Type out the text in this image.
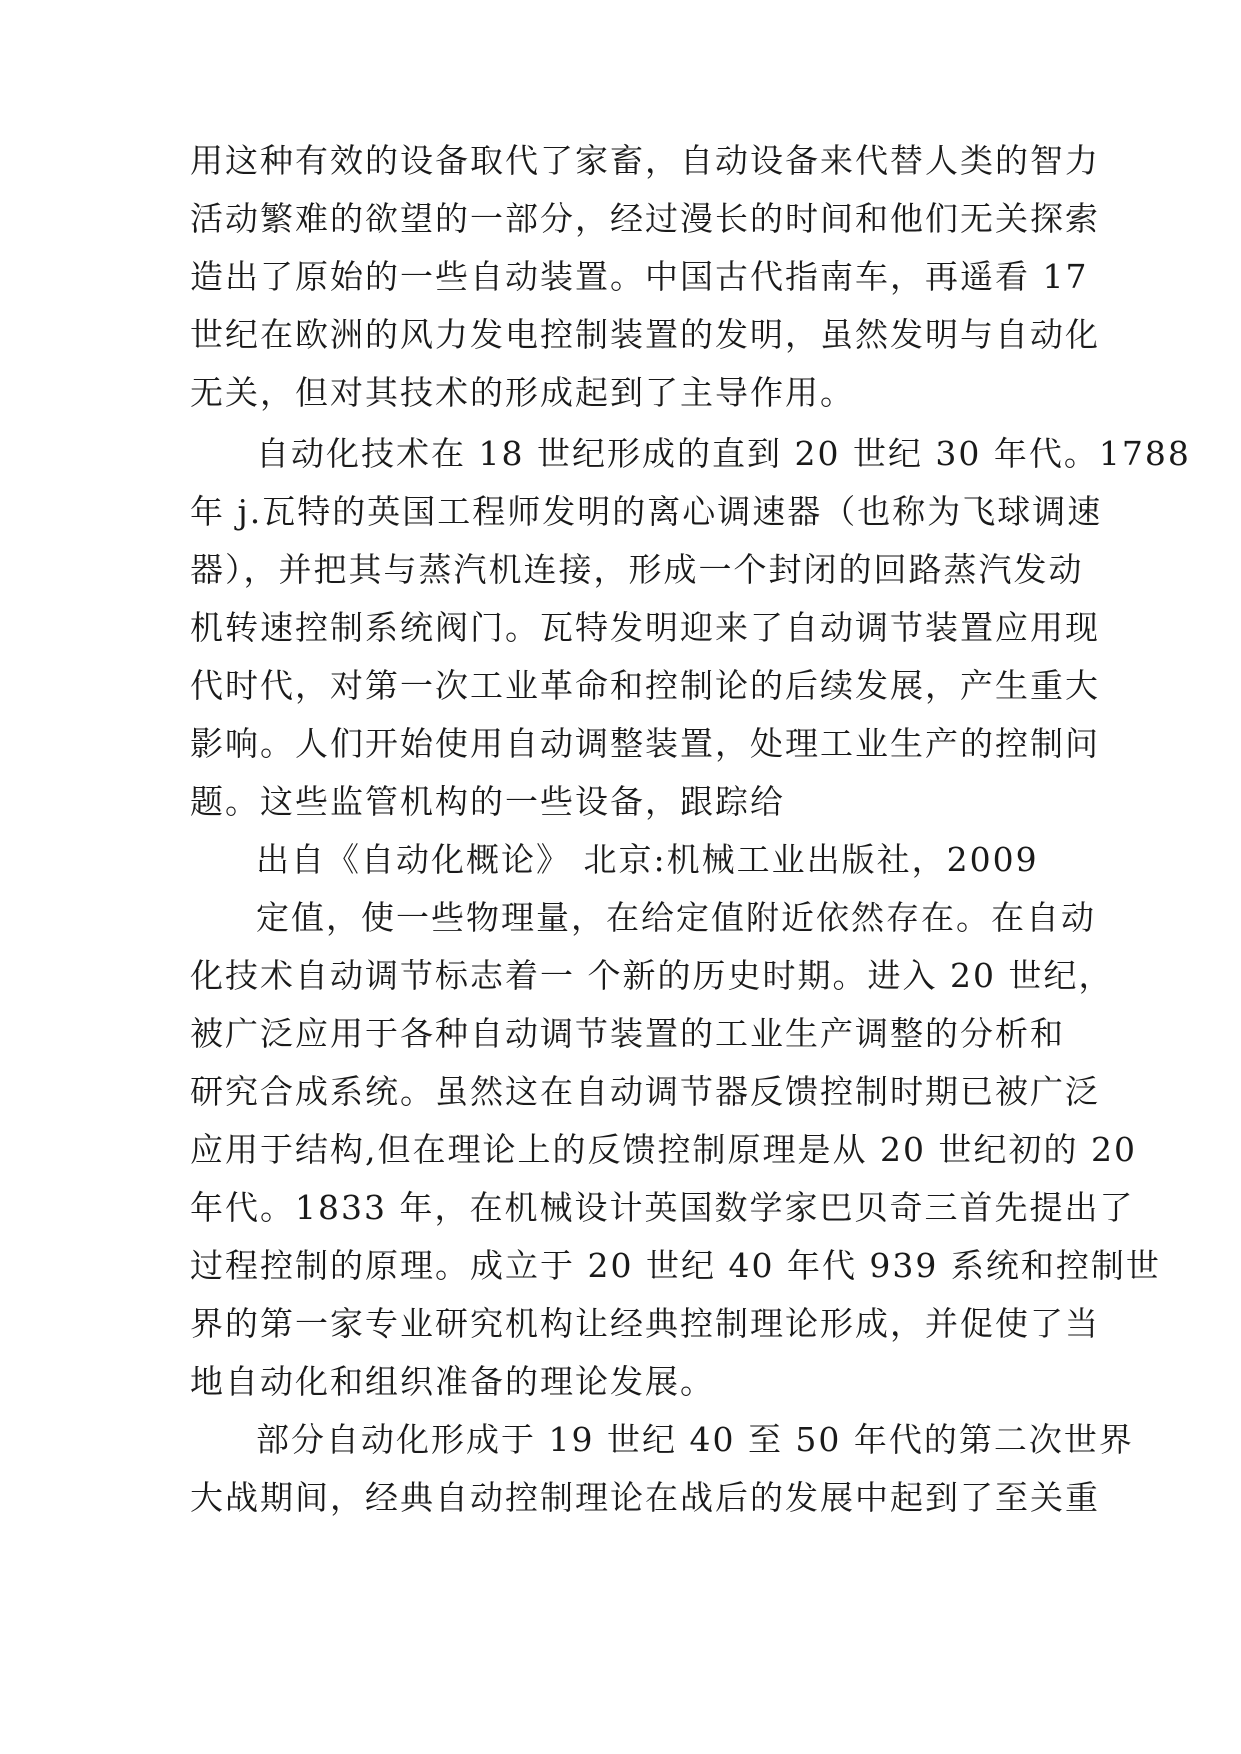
用这种有效的设备取代了家畜，自动设备来代替人类的智力
活动繁难的欲望的一部分，经过漫长的时间和他们无关探索
造出了原始的一些自动装置。中国古代指南车，再遥看 17
世纪在欧洲的风力发电控制装置的发明，虽然发明与自动化
无关，但对其技术的形成起到了主导作用。
自动化技术在 18 世纪形成的直到 20 世纪 30 年代。1788
年 j.瓦特的英国工程师发明的离心调速器（也称为飞球调速
器），并把其与蒸汽机连接，形成一个封闭的回路蒸汽发动
机转速控制系统阀门。瓦特发明迎来了自动调节装置应用现
代时代，对第一次工业革命和控制论的后续发展，产生重大
影响。人们开始使用自动调整装置，处理工业生产的控制问
题。这些监管机构的一些设备，跟踪给
出自《自动化概论》 北京:机械工业出版社，2009
定值，使一些物理量，在给定值附近依然存在。在自动
化技术自动调节标志着一 个新的历史时期。进入 20 世纪，
被广泛应用于各种自动调节装置的工业生产调整的分析和
研究合成系统。虽然这在自动调节器反馈控制时期已被广泛
应用于结构,但在理论上的反馈控制原理是从 20 世纪初的 20
年代。1833 年，在机械设计英国数学家巴贝奇三首先提出了
过程控制的原理。成立于 20 世纪 40 年代 939 系统和控制世
界的第一家专业研究机构让经典控制理论形成，并促使了当
地自动化和组织准备的理论发展。
部分自动化形成于 19 世纪 40 至 50 年代的第二次世界
大战期间，经典自动控制理论在战后的发展中起到了至关重
